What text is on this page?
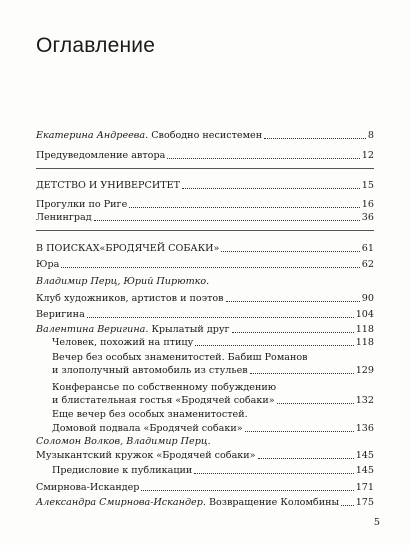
Оглавление
Екатерина Андреева. Свободно несистемен	8
Предуведомление автора	12
ДЕТСТВО И УНИВЕРСИТЕТ	15
Прогулки по Риге	16
Ленинград	36
В ПОИСКАХ«БРОДЯЧЕЙ СОБАКИ»	61
Юра	62
Владимир Перц, Юрий Пирютко.
Клуб художников, артистов и поэтов	90
Веригина	104
Валентина Веригина. Крылатый друг	118
Человек, похожий на птицу	118
Вечер без особых знаменитостей. Бабиш Романов
и злополучный автомобиль из стульев	129
Конферансье по собственному побуждению
и блистательная гостья «Бродячей собаки»	132
Еще вечер без особых знаменитостей.
Домовой подвала «Бродячей собаки»	136
Соломон Волков, Владимир Перц.
Музыкантский кружок «Бродячей собаки»	145
Предисловие к публикации	145
Смирнова-Искандер	171
Александра Смирнова-Искандер. Возвращение Коломбины 175
5
